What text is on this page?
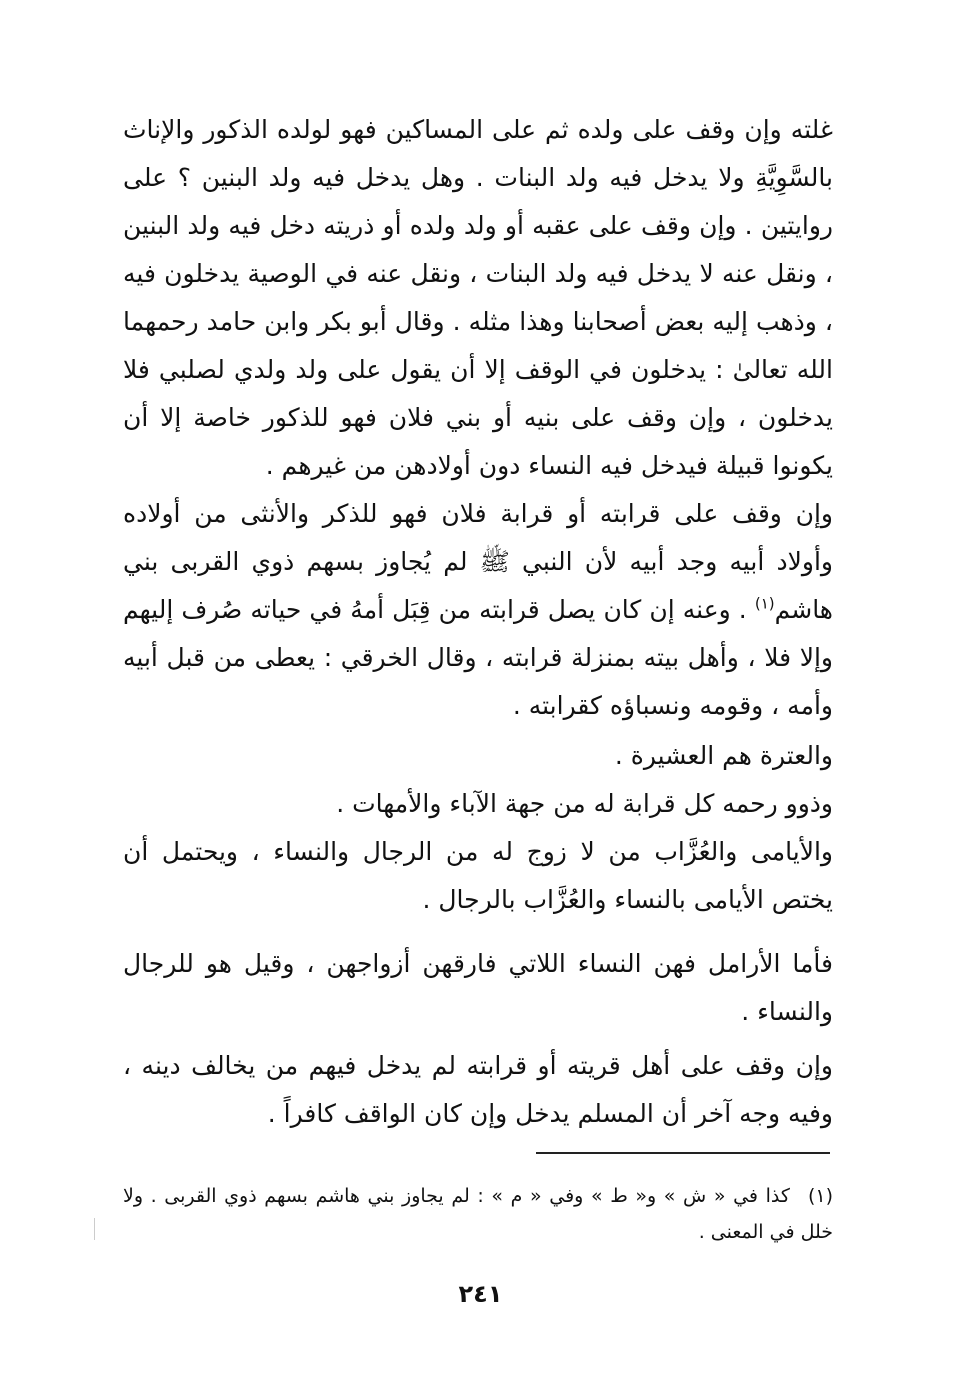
غلته وإن وقف على ولده ثم على المساكين فهو لولده الذكور والإناث بالسَّوِيَّةِ ولا يدخل فيه ولد البنات . وهل يدخل فيه ولد البنين ؟ على روايتين . وإن وقف على عقبه أو ولد ولده أو ذريته دخل فيه ولد البنين ، ونقل عنه لا يدخل فيه ولد البنات ، ونقل عنه في الوصية يدخلون فيه ، وذهب إليه بعض أصحابنا وهذا مثله . وقال أبو بكر وابن حامد رحمهما الله تعالىٰ : يدخلون في الوقف إلا أن يقول على ولد ولدي لصلبي فلا يدخلون ، وإن وقف على بنيه أو بني فلان فهو للذكور خاصة إلا أن يكونوا قبيلة فيدخل فيه النساء دون أولادهن من غيرهم .

وإن وقف على قرابته أو قرابة فلان فهو للذكر والأنثى من أولاده وأولاد أبيه وجد أبيه لأن النبي ﷺ لم يُجاوز بسهم ذوي القربى بني هاشم$^{(١)}$ . وعنه إن كان يصل قرابته من قِبَل أمهُ في حياته صُرف إليهم وإلا فلا ، وأهل بيته بمنزلة قرابته ، وقال الخرقي : يعطى من قبل أبيه وأمه ، وقومه ونسباؤه كقرابته .

والعترة هم العشيرة .

وذوو رحمه كل قرابة له من جهة الآباء والأمهات .

والأيامى والعُزَّاب من لا زوج له من الرجال والنساء ، ويحتمل أن يختص الأيامى بالنساء والعُزَّاب بالرجال .

فأما الأرامل فهن النساء اللاتي فارقهن أزواجهن ، وقيل هو للرجال والنساء .

وإن وقف على أهل قريته أو قرابته لم يدخل فيهم من يخالف دينه ، وفيه وجه آخر أن المسلم يدخل وإن كان الواقف كافراً .

(١)كذا في « ش » و« ط » وفي « م » : لم يجاوز بني هاشم بسهم ذوي القربى . ولا خلل في المعنى .

٢٤١
